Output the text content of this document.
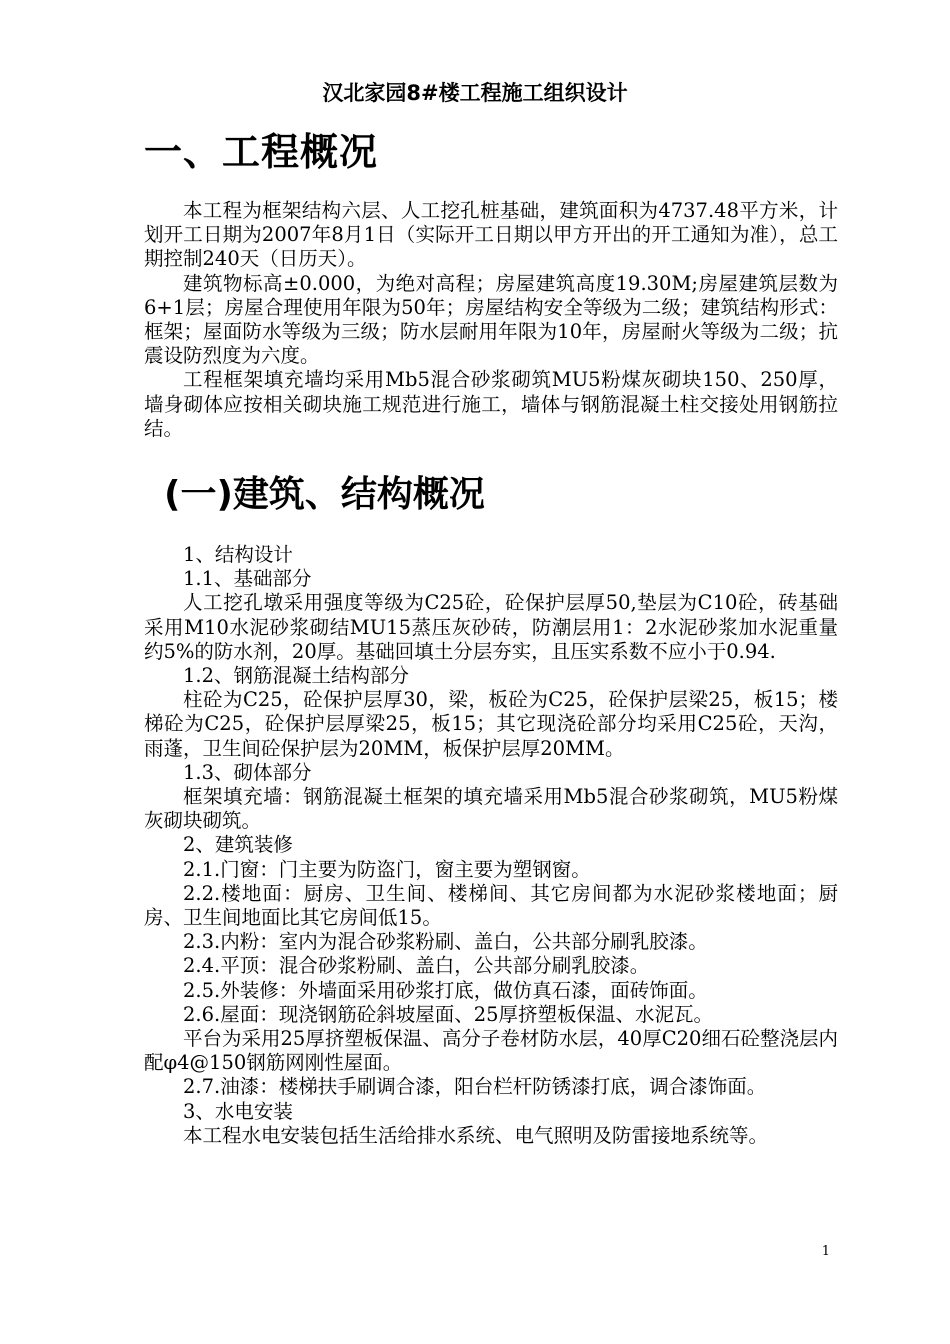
汉北家园8#楼工程施工组织设计
一、工程概况

本工程为框架结构六层、人工挖孔桩基础，建筑面积为4737.48平方米，计划开工日期为2007年8月1日（实际开工日期以甲方开出的开工通知为准），总工期控制240天（日历天）。

建筑物标高±0.000，为绝对高程；房屋建筑高度19.30M;房屋建筑层数为6+1层；房屋合理使用年限为50年；房屋结构安全等级为二级；建筑结构形式：框架；屋面防水等级为三级；防水层耐用年限为10年，房屋耐火等级为二级；抗震设防烈度为六度。

工程框架填充墙均采用Mb5混合砂浆砌筑MU5粉煤灰砌块150、250厚，墙身砌体应按相关砌块施工规范进行施工，墙体与钢筋混凝土柱交接处用钢筋拉结。

(一)建筑、结构概况

1、结构设计

1.1、基础部分

人工挖孔墩采用强度等级为C25砼，砼保护层厚50,垫层为C10砼，砖基础采用M10水泥砂浆砌结MU15蒸压灰砂砖，防潮层用1：2水泥砂浆加水泥重量约5%的防水剂，20厚。基础回填土分层夯实，且压实系数不应小于0.94.

1.2、钢筋混凝土结构部分

柱砼为C25，砼保护层厚30，梁，板砼为C25，砼保护层梁25，板15；楼梯砼为C25，砼保护层厚梁25，板15；其它现浇砼部分均采用C25砼，天沟，雨蓬，卫生间砼保护层为20MM，板保护层厚20MM。

1.3、砌体部分

框架填充墙：钢筋混凝土框架的填充墙采用Mb5混合砂浆砌筑，MU5粉煤灰砌块砌筑。

2、建筑装修

2.1.门窗：门主要为防盗门，窗主要为塑钢窗。

2.2.楼地面：厨房、卫生间、楼梯间、其它房间都为水泥砂浆楼地面；厨房、卫生间地面比其它房间低15。

2.3.内粉：室内为混合砂浆粉刷、盖白，公共部分刷乳胶漆。

2.4.平顶：混合砂浆粉刷、盖白，公共部分刷乳胶漆。

2.5.外装修：外墙面采用砂浆打底，做仿真石漆，面砖饰面。

2.6.屋面：现浇钢筋砼斜坡屋面、25厚挤塑板保温、水泥瓦。

平台为采用25厚挤塑板保温、高分子卷材防水层，40厚C20细石砼整浇层内配φ4@150钢筋网刚性屋面。

2.7.油漆：楼梯扶手刷调合漆，阳台栏杆防锈漆打底，调合漆饰面。

3、水电安装

本工程水电安装包括生活给排水系统、电气照明及防雷接地系统等。

1
